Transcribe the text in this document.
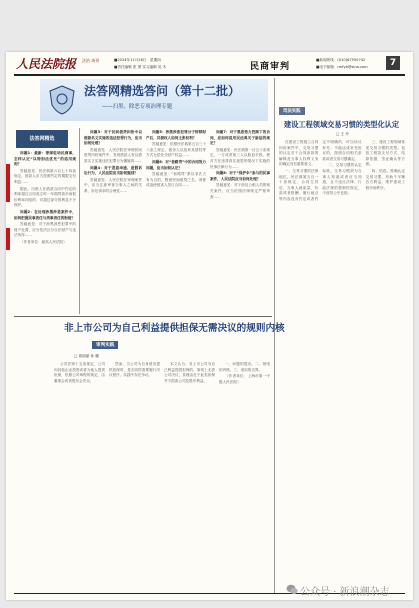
人民法院报 法治 周刊	■2024年11月28日　星期四
■责任编辑 张 勇 实习编辑 吴 木	民商审判
■新闻热线：(010)67550742
■电子邮箱：rmfyb@sina.com	7
法答网精选答问（第十二批）
——扫黑、除恶专项治理专题
法答网精选

问题1：最新：律师驻场民商事，怎样认定“以特别法优先”的适用规则？

答疑意见：民法典第六百七十四条规定，借款人应当按照约定的期限支付利息……

据此，出借人在借款合同中约定的利率超过合同成立时一年期贷款市场报价利率四倍的，对超过部分的利息不予保护。

问题2：在处理涉黑涉恶案件中，如何把握民事责任与刑事责任的衔接？

答疑意见：对于涉黑涉恶犯罪中的财产处置，应当依法区分合法财产与违法所得……

（作者单位：最高人民法院）

问题3：对于民间借贷纠纷中以借款名义实施的违法犯罪行为，应当如何处理？

答疑意见：人民法院在审理民间借贷纠纷案件中，发现借款人有以借款名义实施违法犯罪行为嫌疑的……

问题4：对于恶意串通、虚假诉讼行为，人民法院应当如何甄别？

答疑意见：人民法院在审理案件中，应当注意审查当事人之间的关系、诉讼请求的合理性……

问题5：涉黑涉恶犯罪分子转移财产后，其债权人如何主张权利？

答疑意见：依照民法典第五百三十八条之规定，债务人以放弃其债权等方式无偿处分财产权益……

问题6：对“套路贷”中的合同效力问题，应当如何认定？

答疑意见：“套路贷”系以非法占有为目的，假借民间借贷之名，诱使或迫使被害人签订合同……

问题7：对于黑恶势力控制下的合同，应如何适用民法典关于胁迫的规定？

答疑意见：民法典第一百五十条规定，一方或者第三人以胁迫手段，使对方在违背真实意思的情况下实施的民事法律行为……

问题8：对于“保护伞”参与的民事案件，人民法院应当如何处理？

答疑意见：对于涉及公职人员的相关案件，应当依照法律规定严格审查……

司法实践
建设工程领域交易习惯的类型化认定
□ 王 丹

在建设工程施工合同纠纷案件中，交易习惯的认定对于合同条款的解释及当事人权利义务的确定具有重要意义。

一、交易习惯的法律地位。民法典第五百一十条规定，合同生效后，当事人就质量、价款或者报酬、履行地点等内容没有约定或者约定不明确的，可以协议补充；不能达成补充协议的，按照合同相关条款或者交易习惯确定。

二、交易习惯的认定标准。交易习惯须为当事人知道或者应当知道，且不违反法律、行政法规的强制性规定，不违背公序良俗。

三、建设工程领域常见交易习惯的类型。包括工程款支付方式、结算依据、签证确认等方面。

四、结语。准确认定交易习惯，有助于平衡各方利益，维护建设工程市场秩序。

非上市公司为自己利益提供担保无需决议的规则内核
审判实践
□ 周丽丽 孙 鹏

公司法第十五条规定，公司向其他企业投资或者为他人提供担保，依照公司章程的规定，由董事会或者股东会决议。

然而，当公司为自身债务提供担保时，是否同样需要履行决议程序，实践中存在争议。

本文认为，非上市公司为自己利益提供担保的，原则上无需公司决议，其理由在于此类担保并不损害公司及股东利益。

一、问题的提出。二、规则的内核。三、适用的边界。

（作者单位：上海市第一中级人民法院）

公众号 · 新浪潮杂志
